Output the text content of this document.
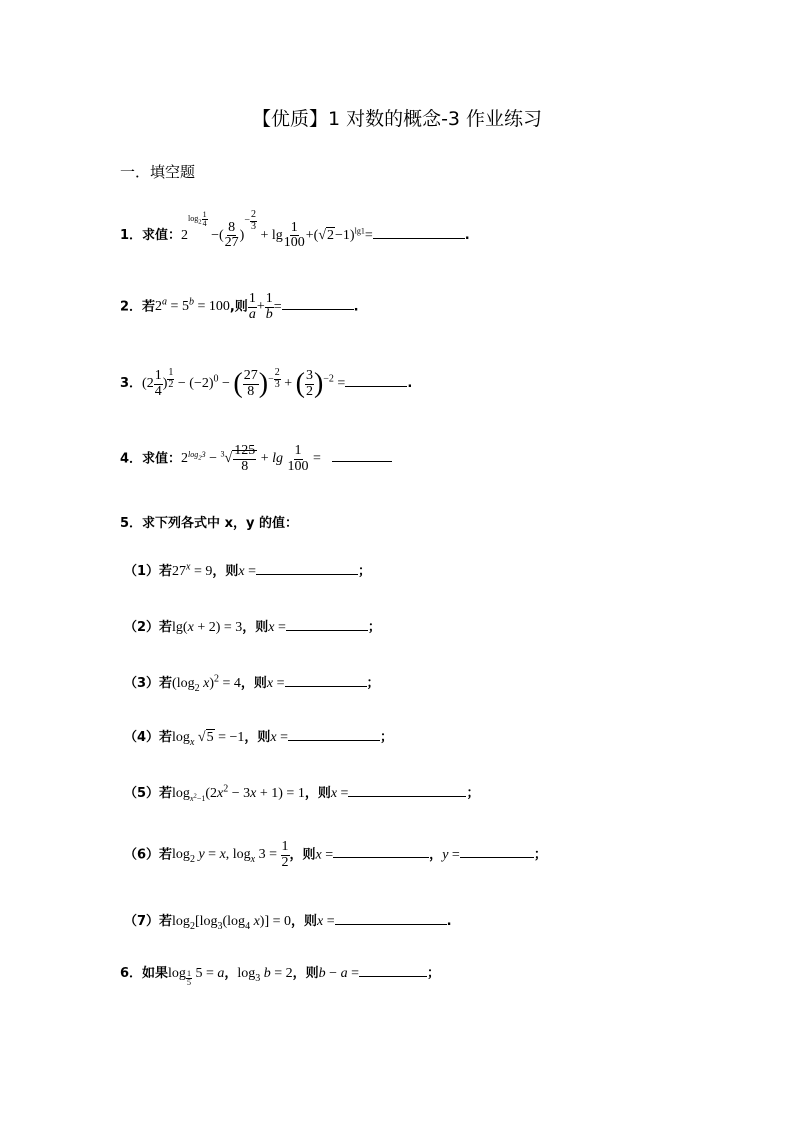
【优质】1 对数的概念-3 作业练习
一．填空题
1．求值：$2^{log_2 \frac{1}{4}}$
−( $\frac{8}{27} )^{- \frac{2}{3}}$
+ $\lg \frac{1}{100} +(√2-1)^{lg1}=$	.
2．若$2^a = 5^b = 100$,则 $\frac{1}{a} + \frac{1}{b}$ =	.
3．($2 \frac{1}{4}$ ) $^{\frac{1}{2}} - (-2)^0$ − ( $\frac{27}{8} )^{- \frac{2}{3}}$ + ( $\frac{3}{2} )^{-2}$ =	.
4．求值：$2^{log_23} - ^3√ \frac{125}{8} + \lg \frac{1}{100}$ =
5．求下列各式中 x，y 的值：
（1）若$27^x = 9$，则x =	；
（2）若lg(x + 2) = 3，则x =	；
（3）若($\log_2$ x)$^2$ = 4，则x =	；
（4）若$\log_x √5 = -1$，则x =	；
（5）若$\log_{x^2-1}(2x^2 - 3x + 1) = 1$，则x =	；
（6）若$\log_2 y = x$, $\log_x 3 = \frac{1}{2}$ ，则x =	，y =	；
（7）若$\log_2[\log_3(\log_4$ x)] = 0，则x =	.
6．如果log $_{\frac{1}{5}}$ 5 = a，$\log_3 b = 2$，则b − a =	；
